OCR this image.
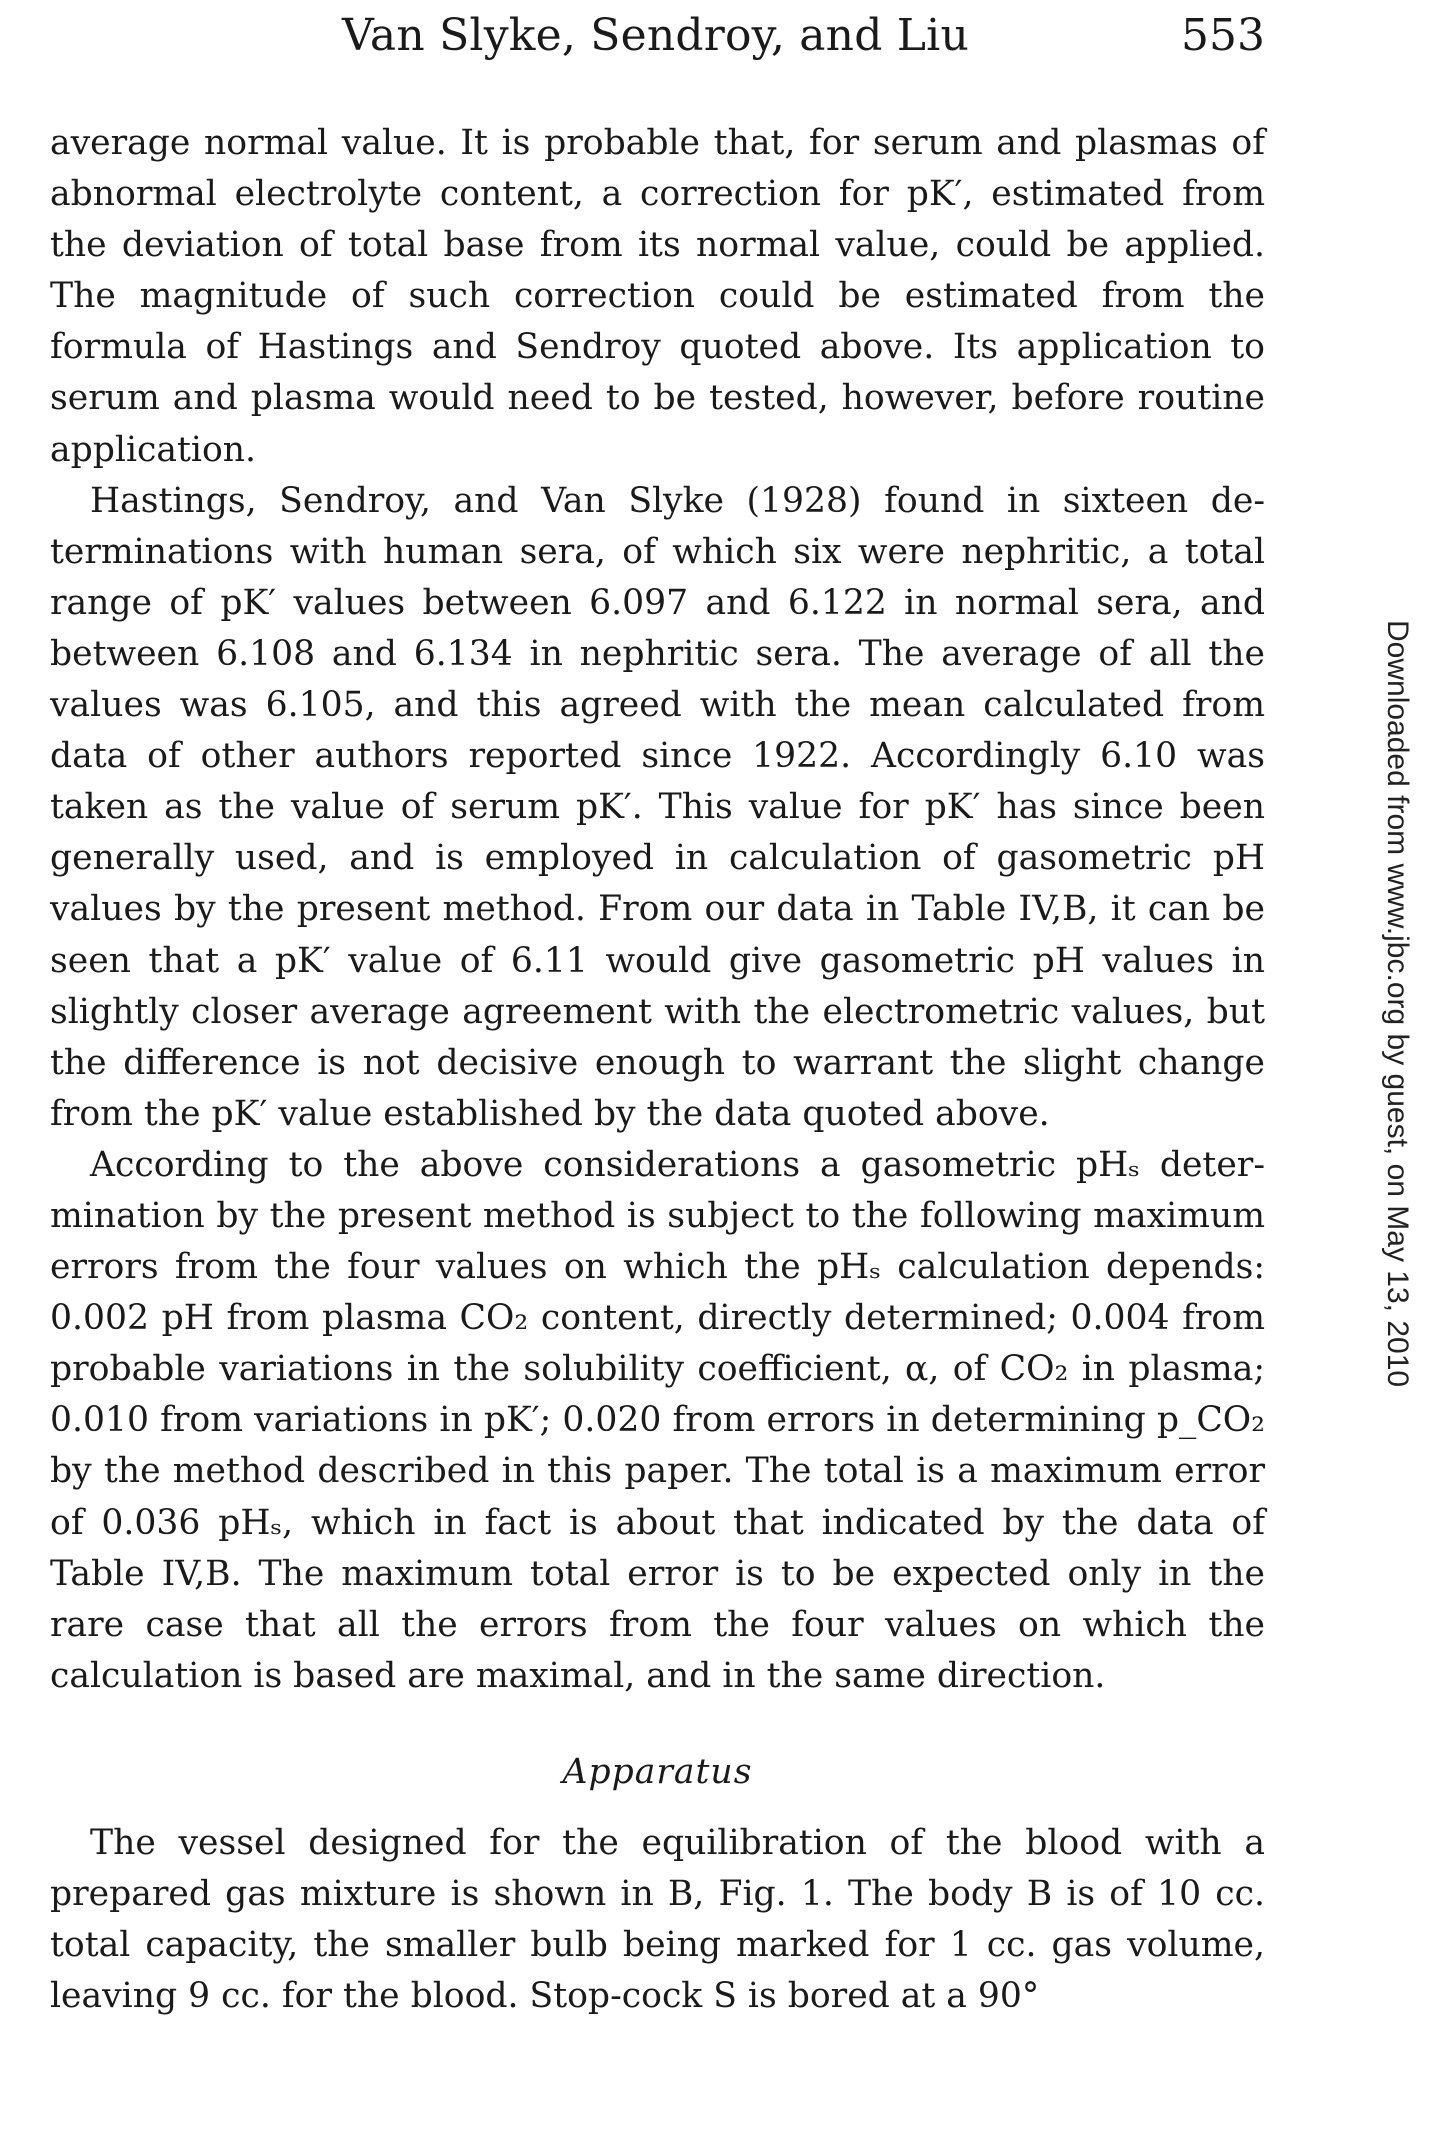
Van Slyke, Sendroy, and Liu	553

average normal value. It is probable that, for serum and plasmas of abnormal electrolyte content, a correction for pK′, estimated from the deviation of total base from its normal value, could be applied. The magnitude of such correction could be estimated from the formula of Hastings and Sendroy quoted above. Its application to serum and plasma would need to be tested, however, before routine application.

Hastings, Sendroy, and Van Slyke (1928) found in sixteen determinations with human sera, of which six were nephritic, a total range of pK′ values between 6.097 and 6.122 in normal sera, and between 6.108 and 6.134 in nephritic sera. The average of all the values was 6.105, and this agreed with the mean calculated from data of other authors reported since 1922. Accordingly 6.10 was taken as the value of serum pK′. This value for pK′ has since been generally used, and is employed in calculation of gasometric pH values by the present method. From our data in Table IV,B, it can be seen that a pK′ value of 6.11 would give gasometric pH values in slightly closer average agreement with the electrometric values, but the difference is not decisive enough to warrant the slight change from the pK′ value established by the data quoted above.

According to the above considerations a gasometric pHₛ determination by the present method is subject to the following maximum errors from the four values on which the pHₛ calculation depends: 0.002 pH from plasma CO₂ content, directly determined; 0.004 from probable variations in the solubility coefficient, α, of CO₂ in plasma; 0.010 from variations in pK′; 0.020 from errors in determining p_CO₂ by the method described in this paper. The total is a maximum error of 0.036 pHₛ, which in fact is about that indicated by the data of Table IV,B. The maximum total error is to be expected only in the rare case that all the errors from the four values on which the calculation is based are maximal, and in the same direction.

Apparatus

The vessel designed for the equilibration of the blood with a prepared gas mixture is shown in B, Fig. 1. The body B is of 10 cc. total capacity, the smaller bulb being marked for 1 cc. gas volume, leaving 9 cc. for the blood. Stop-cock S is bored at a 90°

Downloaded from www.jbc.org by guest, on May 13, 2010
